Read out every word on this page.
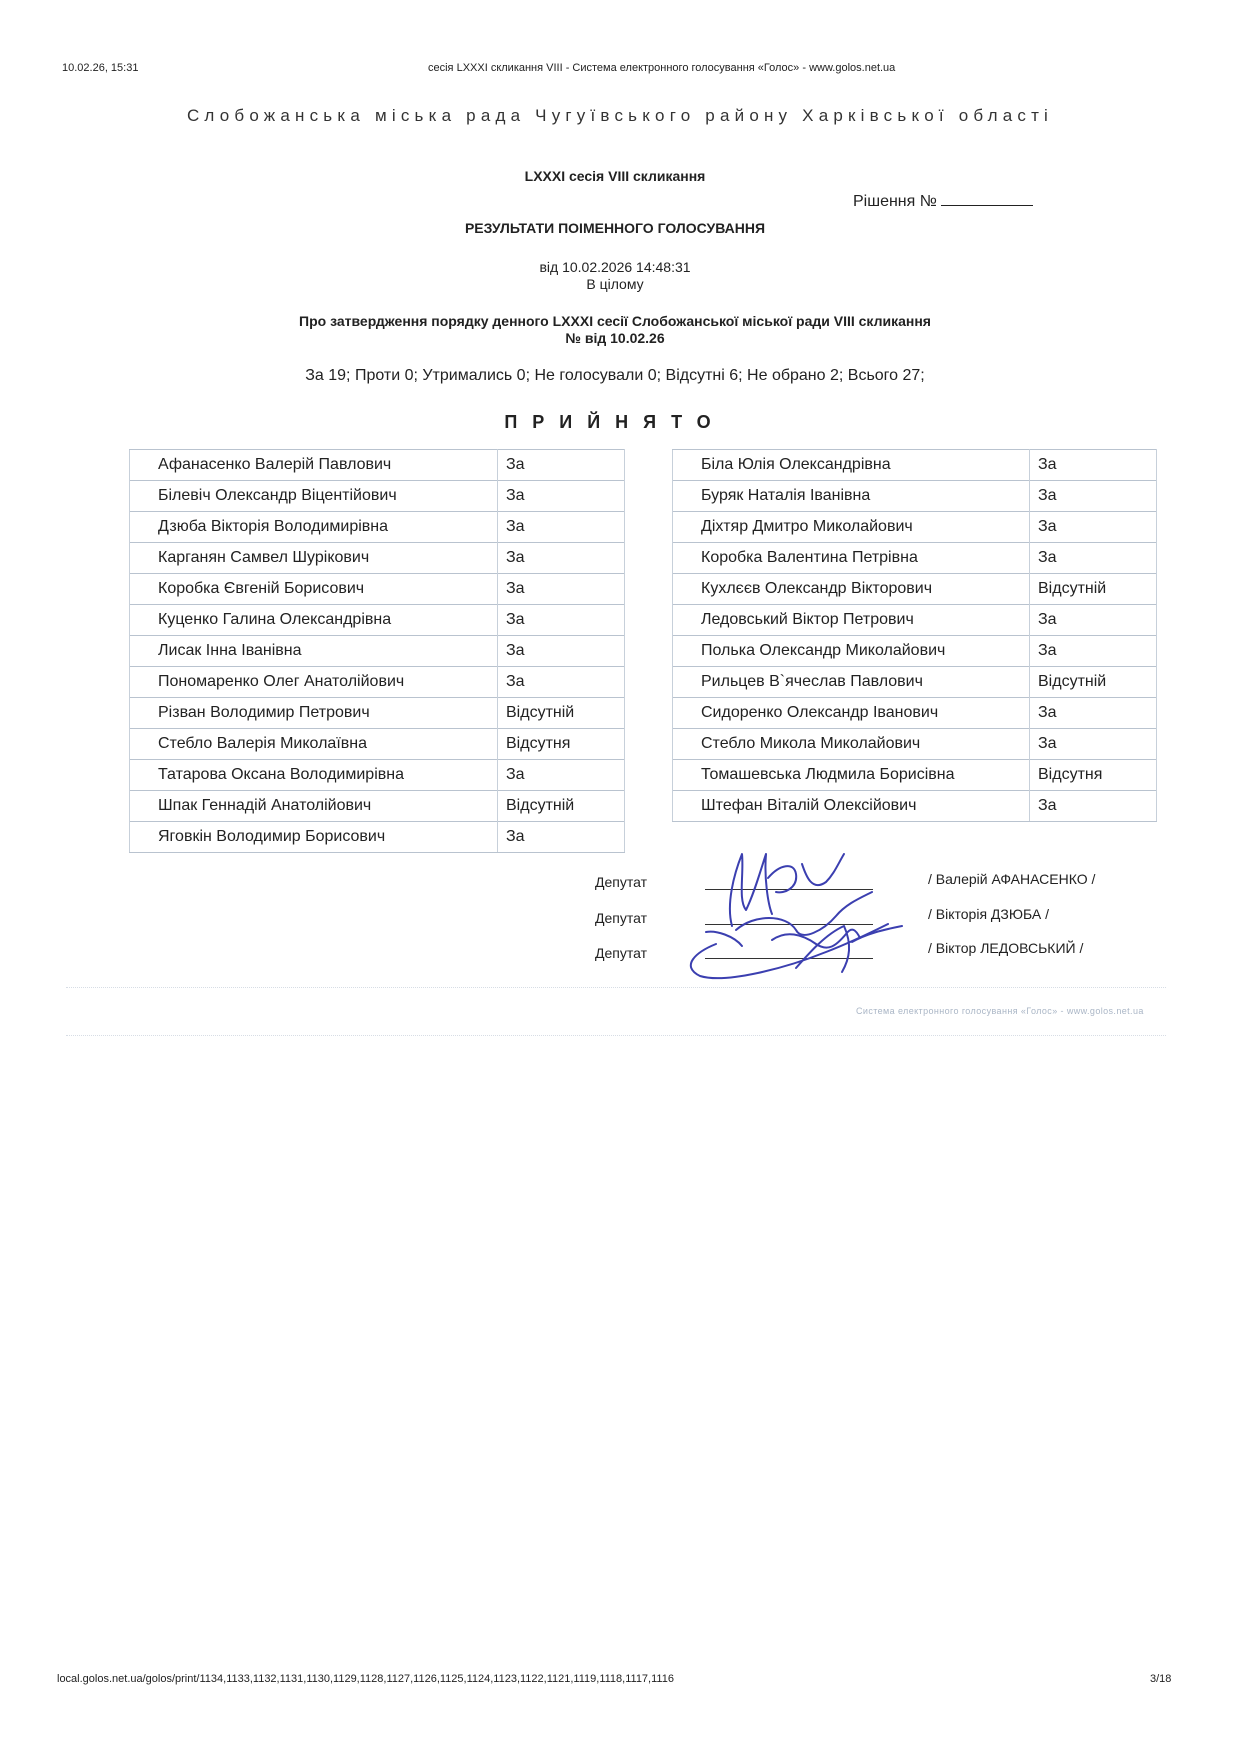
10.02.26, 15:31	сесія LXXXI скликання VIII - Система електронного голосування «Голос» - www.golos.net.ua
Слобожанська міська рада Чугуївського району Харківської області
LXXXI сесія VIII скликання
Рішення №
РЕЗУЛЬТАТИ ПОІМЕННОГО ГОЛОСУВАННЯ
від 10.02.2026 14:48:31
В цілому
Про затвердження порядку денного LXXXI сесії Слобожанської міської ради VIII скликання
№ від 10.02.26
За 19; Проти 0; Утримались 0; Не голосували 0; Відсутні 6; Не обрано 2; Всього 27;
ПРИЙНЯТО
Афанасенко Валерій Павлович	За
Білевіч Олександр Віцентійович	За
Дзюба Вікторія Володимирівна	За
Карганян Самвел Шурікович	За
Коробка Євгеній Борисович	За
Куценко Галина Олександрівна	За
Лисак Інна Іванівна	За
Пономаренко Олег Анатолійович	За
Різван Володимир Петрович	Відсутній
Стебло Валерія Миколаївна	Відсутня
Татарова Оксана Володимирівна	За
Шпак Геннадій Анатолійович	Відсутній
Яговкін Володимир Борисович	За
Біла Юлія Олександрівна	За
Буряк Наталія Іванівна	За
Діхтяр Дмитро Миколайович	За
Коробка Валентина Петрівна	За
Кухлєєв Олександр Вікторович	Відсутній
Ледовський Віктор Петрович	За
Полька Олександр Миколайович	За
Рильцев В`ячеслав Павлович	Відсутній
Сидоренко Олександр Іванович	За
Стебло Микола Миколайович	За
Томашевська Людмила Борисівна	Відсутня
Штефан Віталій Олексійович	За
Депутат	/ Валерій АФАНАСЕНКО /
Депутат	/ Вікторія ДЗЮБА /
Депутат	/ Віктор ЛЕДОВСЬКИЙ /
Система електронного голосування «Голос» - www.golos.net.ua
local.golos.net.ua/golos/print/1134,1133,1132,1131,1130,1129,1128,1127,1126,1125,1124,1123,1122,1121,1119,1118,1117,1116	3/18
